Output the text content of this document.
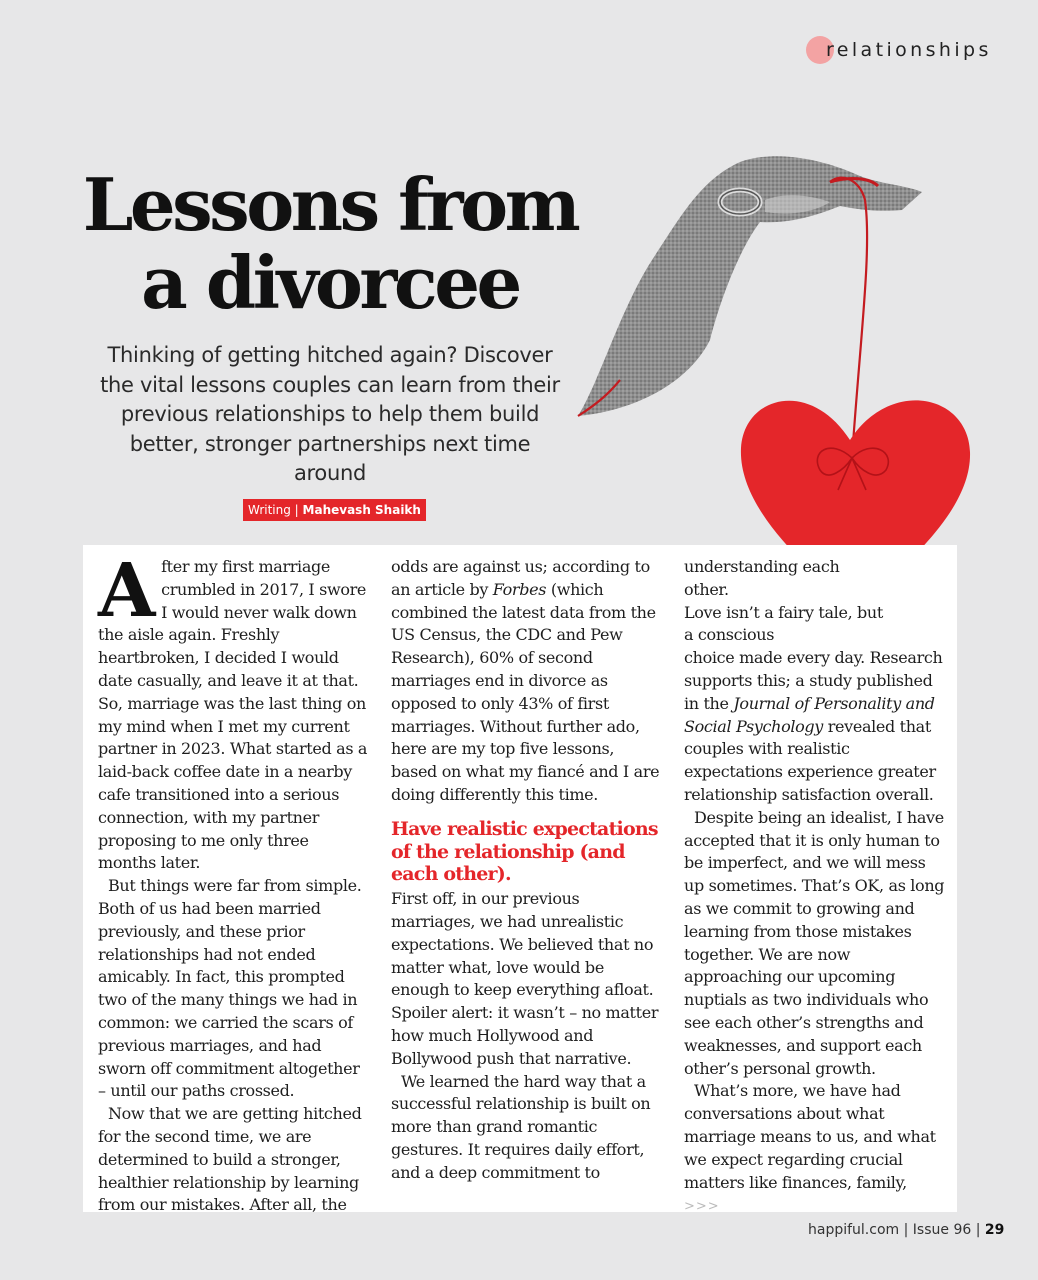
relationships
Lessons from
a divorcee
Thinking of getting hitched again? Discover the vital lessons couples can learn from their previous relationships to help them build better, stronger partnerships next time around
Writing | Mahevash Shaikh

After my first marriage crumbled in 2017, I swore I would never walk down the aisle again. Freshly heartbroken, I decided I would date casually, and leave it at that. So, marriage was the last thing on my mind when I met my current partner in 2023. What started as a laid-back coffee date in a nearby cafe transitioned into a serious connection, with my partner proposing to me only three months later.

But things were far from simple. Both of us had been married previously, and these prior relationships had not ended amicably. In fact, this prompted two of the many things we had in common: we carried the scars of previous marriages, and had sworn off commitment altogether – until our paths crossed.

Now that we are getting hitched for the second time, we are determined to build a stronger, healthier relationship by learning from our mistakes. After all, the

odds are against us; according to an article by Forbes (which combined the latest data from the US Census, the CDC and Pew Research), 60% of second marriages end in divorce as opposed to only 43% of first marriages. Without further ado, here are my top five lessons, based on what my fiancé and I are doing differently this time.

Have realistic expectations of the relationship (and each other).

First off, in our previous marriages, we had unrealistic expectations. We believed that no matter what, love would be enough to keep everything afloat. Spoiler alert: it wasn’t – no matter how much Hollywood and Bollywood push that narrative.

We learned the hard way that a successful relationship is built on more than grand romantic gestures. It requires daily effort, and a deep commitment to

understanding each other.

Love isn’t a fairy tale, but a conscious

choice made every day. Research supports this; a study published in the Journal of Personality and Social Psychology revealed that couples with realistic expectations experience greater relationship satisfaction overall.

Despite being an idealist, I have accepted that it is only human to be imperfect, and we will mess up sometimes. That’s OK, as long as we commit to growing and learning from those mistakes together. We are now approaching our upcoming nuptials as two individuals who see each other’s strengths and weaknesses, and support each other’s personal growth.

What’s more, we have had conversations about what marriage means to us, and what we expect regarding crucial matters like finances, family, >>>

happiful.com | Issue 96 | 29
